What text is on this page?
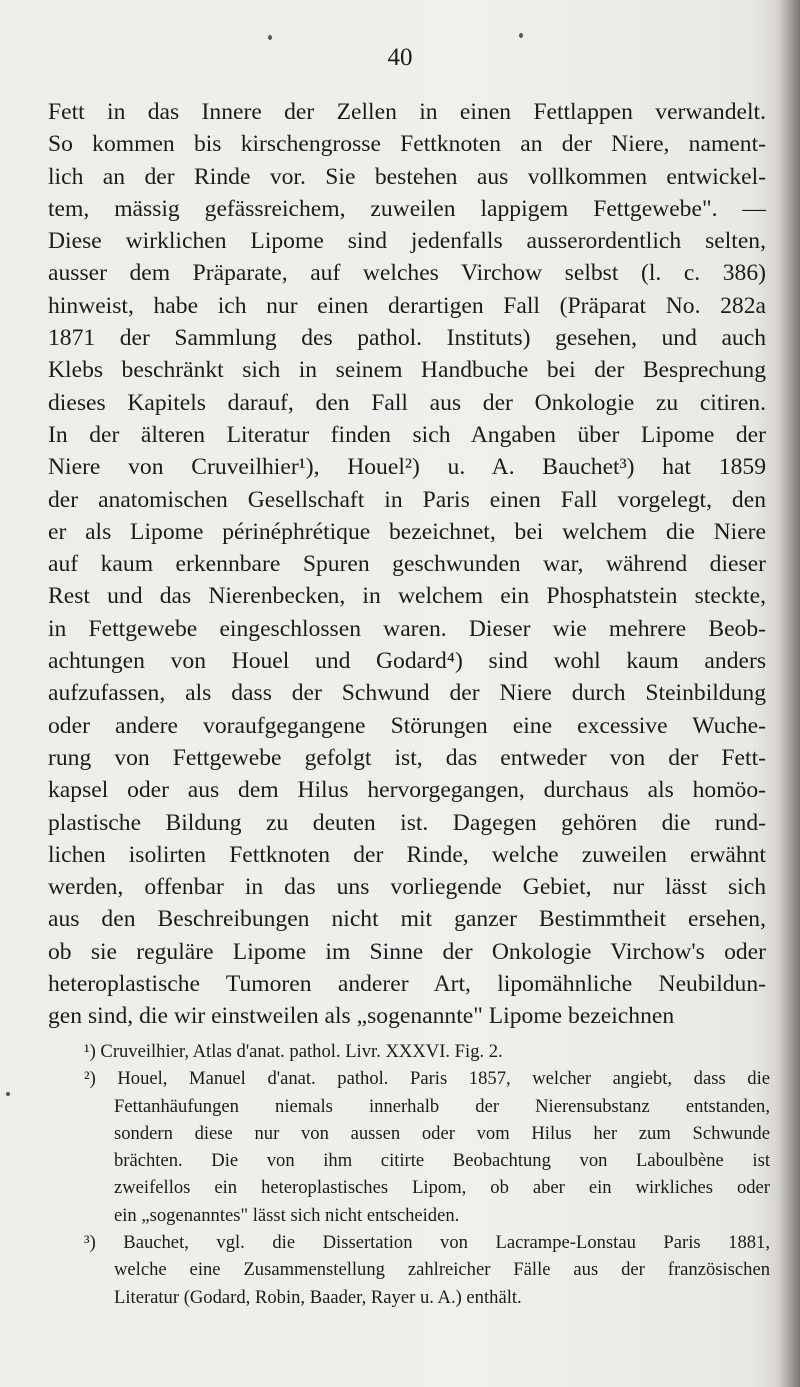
40
Fett in das Innere der Zellen in einen Fettlappen verwandelt.
So kommen bis kirschengrosse Fettknoten an der Niere, nament-
lich an der Rinde vor. Sie bestehen aus vollkommen entwickel-
tem, mässig gefässreichem, zuweilen lappigem Fettgewebe". —
Diese wirklichen Lipome sind jedenfalls ausserordentlich selten,
ausser dem Präparate, auf welches Virchow selbst (l. c. 386)
hinweist, habe ich nur einen derartigen Fall (Präparat No. 282a
1871 der Sammlung des pathol. Instituts) gesehen, und auch
Klebs beschränkt sich in seinem Handbuche bei der Besprechung
dieses Kapitels darauf, den Fall aus der Onkologie zu citiren.
In der älteren Literatur finden sich Angaben über Lipome der
Niere von Cruveilhier¹), Houel²) u. A. Bauchet³) hat 1859
der anatomischen Gesellschaft in Paris einen Fall vorgelegt, den
er als Lipome périnéphrétique bezeichnet, bei welchem die Niere
auf kaum erkennbare Spuren geschwunden war, während dieser
Rest und das Nierenbecken, in welchem ein Phosphatstein steckte,
in Fettgewebe eingeschlossen waren. Dieser wie mehrere Beob-
achtungen von Houel und Godard⁴) sind wohl kaum anders
aufzufassen, als dass der Schwund der Niere durch Steinbildung
oder andere voraufgegangene Störungen eine excessive Wuche-
rung von Fettgewebe gefolgt ist, das entweder von der Fett-
kapsel oder aus dem Hilus hervorgegangen, durchaus als homöo-
plastische Bildung zu deuten ist. Dagegen gehören die rund-
lichen isolirten Fettknoten der Rinde, welche zuweilen erwähnt
werden, offenbar in das uns vorliegende Gebiet, nur lässt sich
aus den Beschreibungen nicht mit ganzer Bestimmtheit ersehen,
ob sie reguläre Lipome im Sinne der Onkologie Virchow's oder
heteroplastische Tumoren anderer Art, lipomähnliche Neubildun-
gen sind, die wir einstweilen als „sogenannte" Lipome bezeichnen
¹) Cruveilhier, Atlas d'anat. pathol. Livr. XXXVI. Fig. 2.
²) Houel, Manuel d'anat. pathol. Paris 1857, welcher angiebt, dass die
Fettanhäufungen niemals innerhalb der Nierensubstanz entstanden,
sondern diese nur von aussen oder vom Hilus her zum Schwunde
brächten. Die von ihm citirte Beobachtung von Laboulbène ist
zweifellos ein heteroplastisches Lipom, ob aber ein wirkliches oder
ein „sogenanntes" lässt sich nicht entscheiden.
³) Bauchet, vgl. die Dissertation von Lacrampe-Lonstau Paris 1881,
welche eine Zusammenstellung zahlreicher Fälle aus der französischen
Literatur (Godard, Robin, Baader, Rayer u. A.) enthält.
